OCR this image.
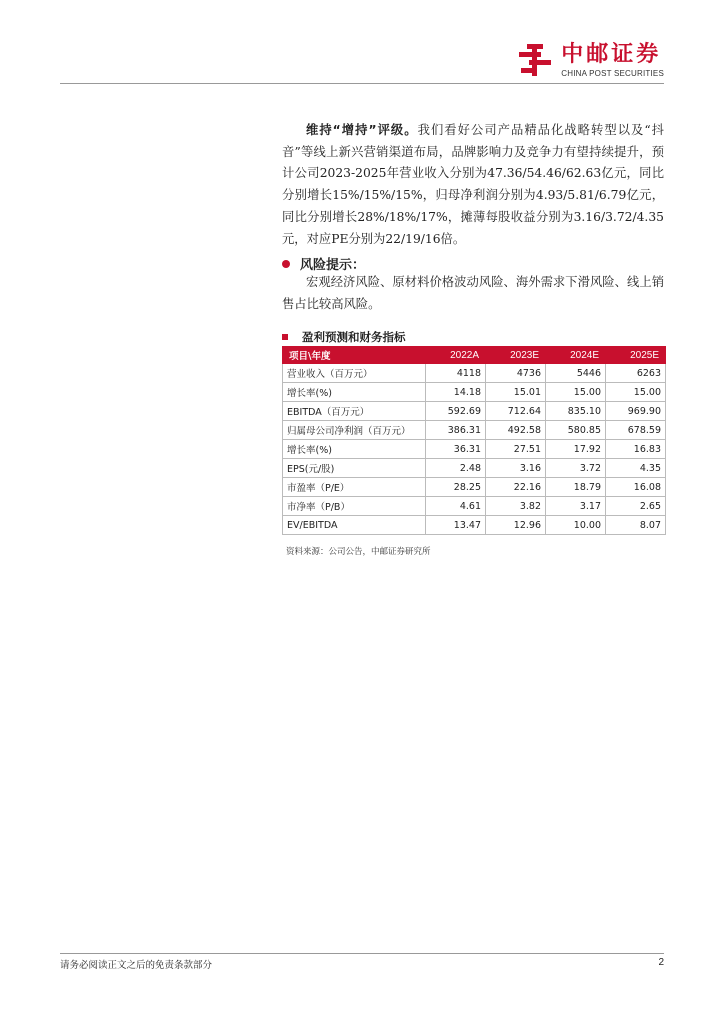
中邮证券
CHINA POST SECURITIES
维持“增持”评级。我们看好公司产品精品化战略转型以及“抖音”等线上新兴营销渠道布局，品牌影响力及竞争力有望持续提升，预计公司2023-2025年营业收入分别为47.36/54.46/62.63亿元，同比分别增长15%/15%/15%，归母净利润分别为4.93/5.81/6.79亿元，同比分别增长28%/18%/17%，摊薄每股收益分别为3.16/3.72/4.35元，对应PE分别为22/19/16倍。
风险提示：
宏观经济风险、原材料价格波动风险、海外需求下滑风险、线上销售占比较高风险。
盈利预测和财务指标
项目\年度	2022A	2023E	2024E	2025E
营业收入（百万元）	4118	4736	5446	6263
增长率(%)	14.18	15.01	15.00	15.00
EBITDA（百万元）	592.69	712.64	835.10	969.90
归属母公司净利润（百万元）	386.31	492.58	580.85	678.59
增长率(%)	36.31	27.51	17.92	16.83
EPS(元/股)	2.48	3.16	3.72	4.35
市盈率（P/E）	28.25	22.16	18.79	16.08
市净率（P/B）	4.61	3.82	3.17	2.65
EV/EBITDA	13.47	12.96	10.00	8.07
资料来源：公司公告，中邮证券研究所
请务必阅读正文之后的免责条款部分	2
